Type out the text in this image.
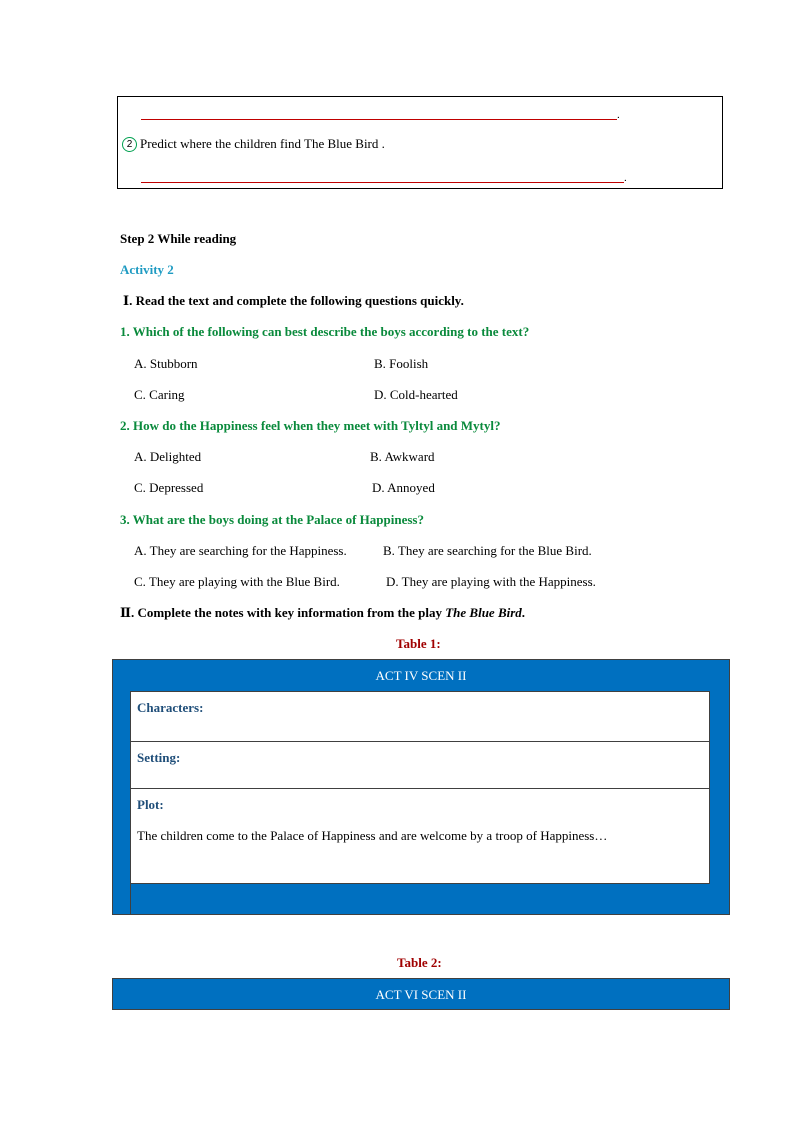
.
2 Predict where the children find The Blue Bird .
.
Step 2 While reading
Activity 2
Ⅰ. Read the text and complete the following questions quickly.
1. Which of the following can best describe the boys according to the text?
A. Stubborn	B. Foolish
C. Caring	D. Cold-hearted
2. How do the Happiness feel when they meet with Tyltyl and Mytyl?
A. Delighted	B. Awkward
C. Depressed	D. Annoyed
3. What are the boys doing at the Palace of Happiness?
A. They are searching for the Happiness.	B. They are searching for the Blue Bird.
C. They are playing with the Blue Bird.	D. They are playing with the Happiness.
Ⅱ. Complete the notes with key information from the play The Blue Bird.
Table 1:
ACT IV SCEN II
Characters:
Setting:
Plot:
The children come to the Palace of Happiness and are welcome by a troop of Happiness…
Table 2:
ACT VI SCEN II
